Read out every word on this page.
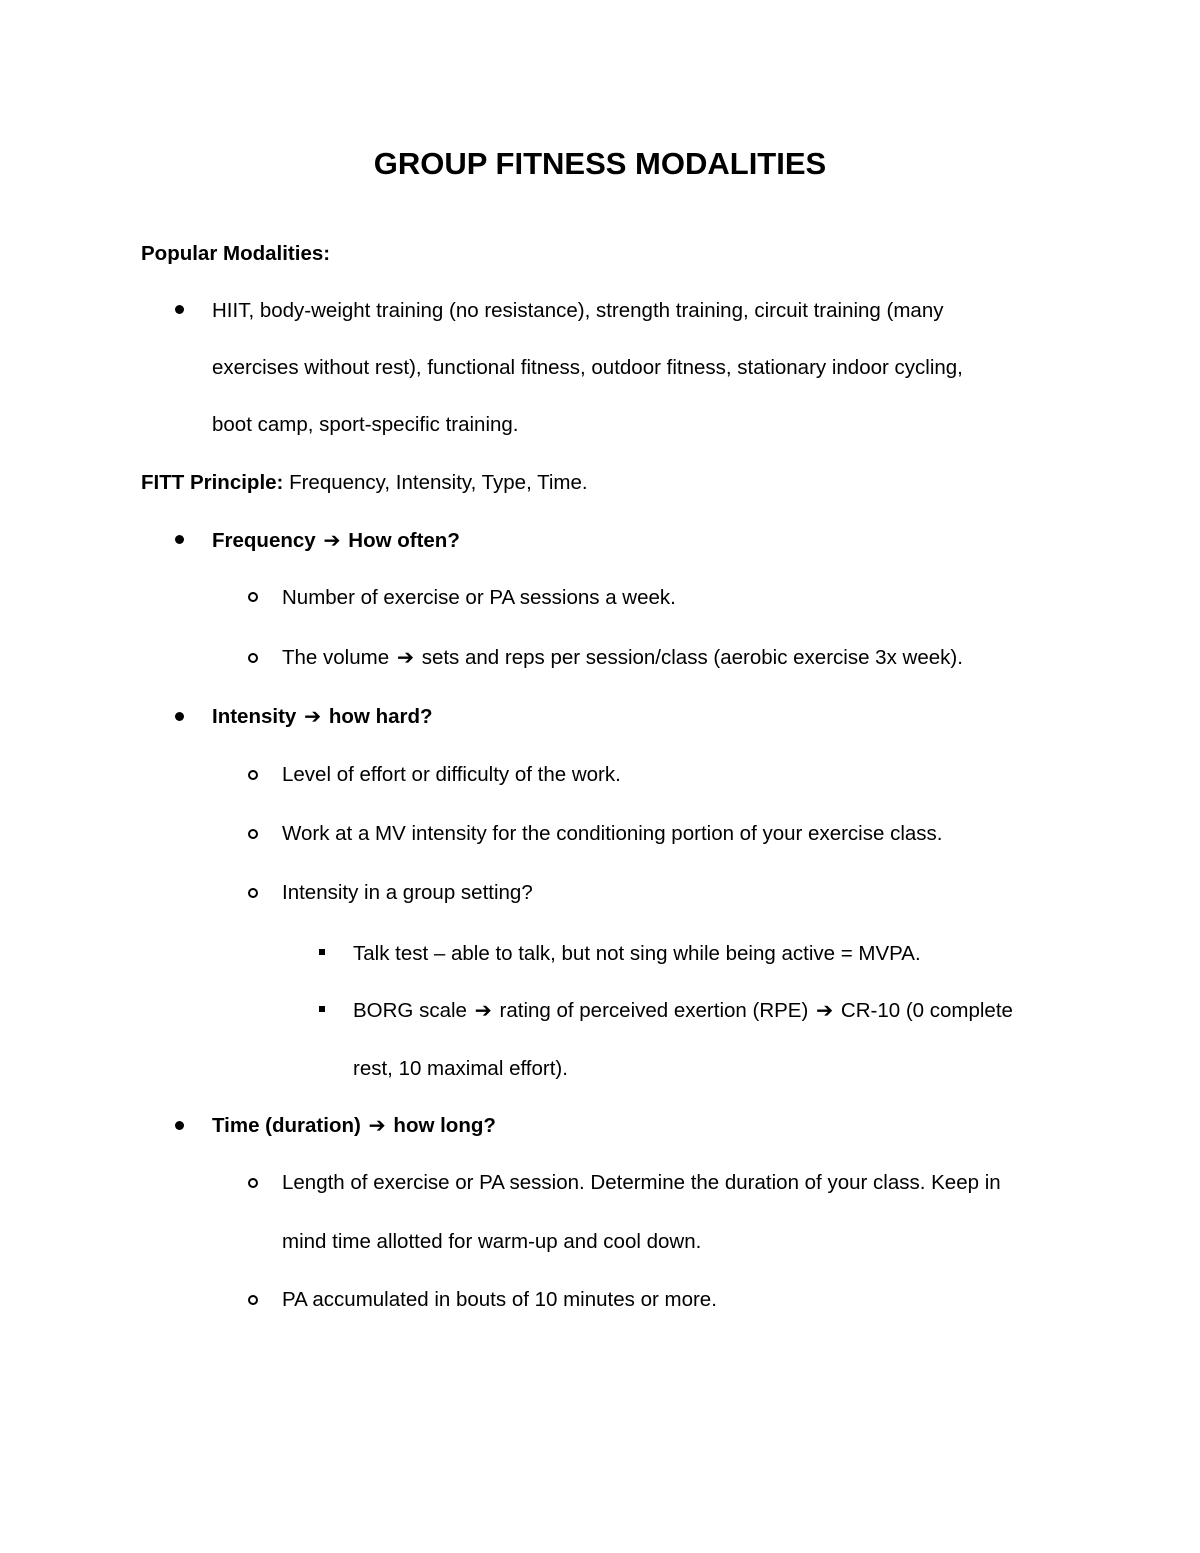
GROUP FITNESS MODALITIES
Popular Modalities:
HIIT, body-weight training (no resistance), strength training, circuit training (many
exercises without rest), functional fitness, outdoor fitness, stationary indoor cycling,
boot camp, sport-specific training.
FITT Principle: Frequency, Intensity, Type, Time.
Frequency ➔ How often?
Number of exercise or PA sessions a week.
The volume ➔ sets and reps per session/class (aerobic exercise 3x week).
Intensity ➔ how hard?
Level of effort or difficulty of the work.
Work at a MV intensity for the conditioning portion of your exercise class.
Intensity in a group setting?
Talk test – able to talk, but not sing while being active = MVPA.
BORG scale ➔ rating of perceived exertion (RPE) ➔ CR-10 (0 complete
rest, 10 maximal effort).
Time (duration) ➔ how long?
Length of exercise or PA session. Determine the duration of your class. Keep in
mind time allotted for warm-up and cool down.
PA accumulated in bouts of 10 minutes or more.
